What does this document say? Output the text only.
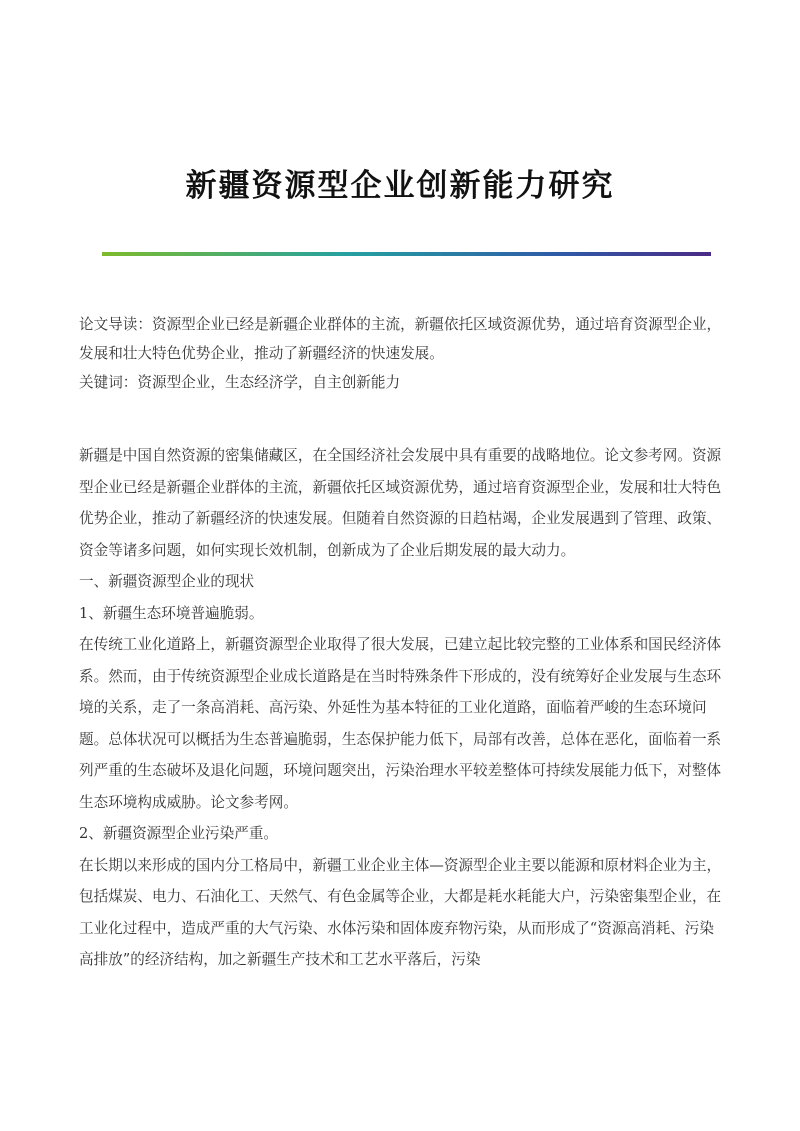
新疆资源型企业创新能力研究

论文导读：资源型企业已经是新疆企业群体的主流，新疆依托区域资源优势，通过培育资源型企业，发展和壮大特色优势企业，推动了新疆经济的快速发展。

关键词：资源型企业，生态经济学，自主创新能力

新疆是中国自然资源的密集储藏区，在全国经济社会发展中具有重要的战略地位。论文参考网。资源型企业已经是新疆企业群体的主流，新疆依托区域资源优势，通过培育资源型企业，发展和壮大特色优势企业，推动了新疆经济的快速发展。但随着自然资源的日趋枯竭，企业发展遇到了管理、政策、资金等诸多问题，如何实现长效机制，创新成为了企业后期发展的最大动力。

一、新疆资源型企业的现状

1、新疆生态环境普遍脆弱。

在传统工业化道路上，新疆资源型企业取得了很大发展，已建立起比较完整的工业体系和国民经济体系。然而，由于传统资源型企业成长道路是在当时特殊条件下形成的，没有统筹好企业发展与生态环境的关系，走了一条高消耗、高污染、外延性为基本特征的工业化道路，面临着严峻的生态环境问题。总体状况可以概括为生态普遍脆弱，生态保护能力低下，局部有改善，总体在恶化，面临着一系列严重的生态破坏及退化问题，环境问题突出，污染治理水平较差整体可持续发展能力低下，对整体生态环境构成威胁。论文参考网。

2、新疆资源型企业污染严重。

在长期以来形成的国内分工格局中，新疆工业企业主体—资源型企业主要以能源和原材料企业为主，包括煤炭、电力、石油化工、天然气、有色金属等企业，大都是耗水耗能大户，污染密集型企业，在工业化过程中，造成严重的大气污染、水体污染和固体废弃物污染，从而形成了“资源高消耗、污染高排放”的经济结构，加之新疆生产技术和工艺水平落后，污染
